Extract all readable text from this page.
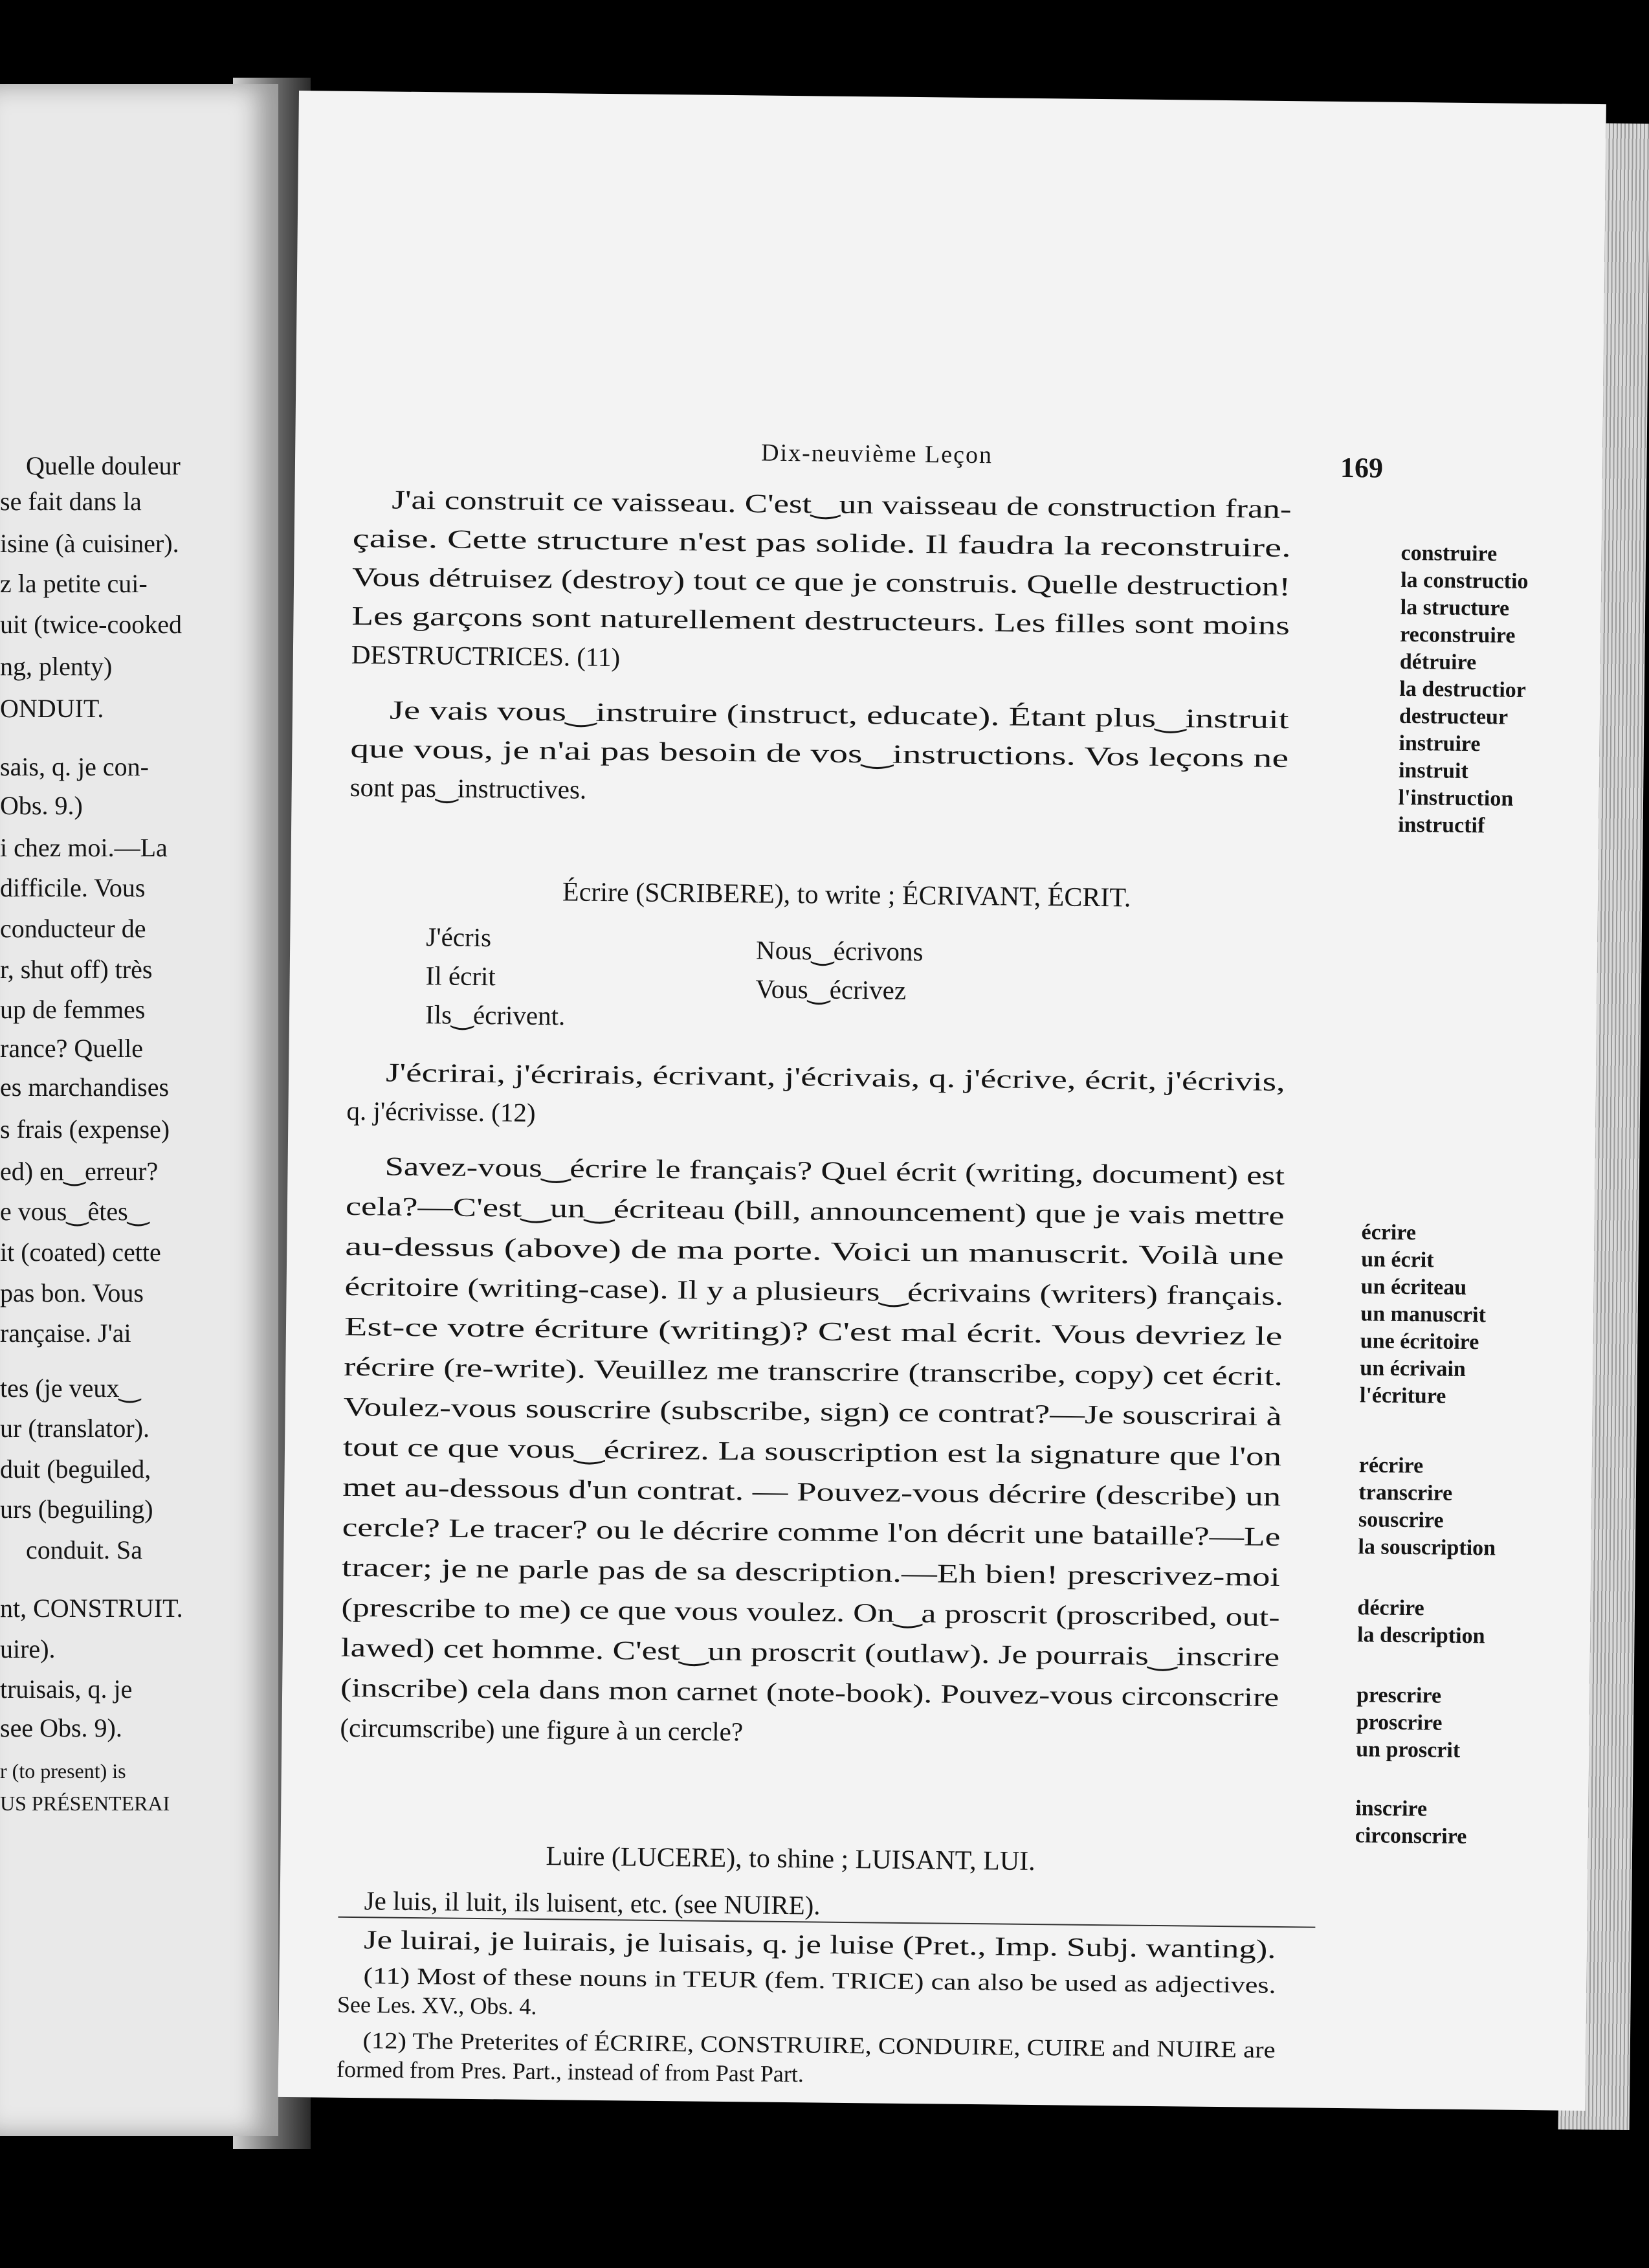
Quelle douleur
se fait dans la
isine (à cuisiner).
z la petite cui-
uit (twice-cooked
ng, plenty)
ONDUIT.
sais, q. je con-
Obs. 9.)
i chez moi.—La
difficile. Vous
conducteur de
r, shut off) très
up de femmes
rance? Quelle
es marchandises
s frais (expense)
ed) en‿erreur?
e vous‿êtes‿
it (coated) cette
pas bon. Vous
rançaise. J'ai
tes (je veux‿
ur (translator).
duit (beguiled,
urs (beguiling)
conduit. Sa
nt, CONSTRUIT.
uire).
truisais, q. je
see Obs. 9).
r (to present) is
US PRÉSENTERAI
Dix-neuvième Leçon	169
J'ai construit ce vaisseau. C'est‿un vaisseau de construction fran-
çaise. Cette structure n'est pas solide. Il faudra la reconstruire.
Vous détruisez (destroy) tout ce que je construis. Quelle destruction!
Les garçons sont naturellement destructeurs. Les filles sont moins
DESTRUCTRICES. (11)
Je vais vous‿instruire (instruct, educate). Étant plus‿instruit
que vous, je n'ai pas besoin de vos‿instructions. Vos leçons ne
sont pas‿instructives.
construire
la constructio
la structure
reconstruire
détruire
la destructior
destructeur
instruire
instruit
l'instruction
instructif
Écrire (SCRIBERE), to write ; ÉCRIVANT, ÉCRIT.
J'écris
Il écrit
Ils‿écrivent.
Nous‿écrivons
Vous‿écrivez
J'écrirai, j'écrirais, écrivant, j'écrivais, q. j'écrive, écrit, j'écrivis,
q. j'écrivisse. (12)
Savez-vous‿écrire le français? Quel écrit (writing, document) est
cela?—C'est‿un‿écriteau (bill, announcement) que je vais mettre
au-dessus (above) de ma porte. Voici un manuscrit. Voilà une
écritoire (writing-case). Il y a plusieurs‿écrivains (writers) français.
Est-ce votre écriture (writing)? C'est mal écrit. Vous devriez le
récrire (re-write). Veuillez me transcrire (transcribe, copy) cet écrit.
Voulez-vous souscrire (subscribe, sign) ce contrat?—Je souscrirai à
tout ce que vous‿écrirez. La souscription est la signature que l'on
met au-dessous d'un contrat. — Pouvez-vous décrire (describe) un
cercle? Le tracer? ou le décrire comme l'on décrit une bataille?—Le
tracer; je ne parle pas de sa description.—Eh bien! prescrivez-moi
(prescribe to me) ce que vous voulez. On‿a proscrit (proscribed, out-
lawed) cet homme. C'est‿un proscrit (outlaw). Je pourrais‿inscrire
(inscribe) cela dans mon carnet (note-book). Pouvez-vous circonscrire
(circumscribe) une figure à un cercle?
écrire
un écrit
un écriteau
un manuscrit
une écritoire
un écrivain
l'écriture
récrire
transcrire
souscrire
la souscription
décrire
la description
prescrire
proscrire
un proscrit
inscrire
circonscrire
Luire (LUCERE), to shine ; LUISANT, LUI.
Je luis, il luit, ils luisent, etc. (see NUIRE).
Je luirai, je luirais, je luisais, q. je luise (Pret., Imp. Subj. wanting).
(11) Most of these nouns in TEUR (fem. TRICE) can also be used as adjectives.
See Les. XV., Obs. 4.
(12) The Preterites of ÉCRIRE, CONSTRUIRE, CONDUIRE, CUIRE and NUIRE are
formed from Pres. Part., instead of from Past Part.
